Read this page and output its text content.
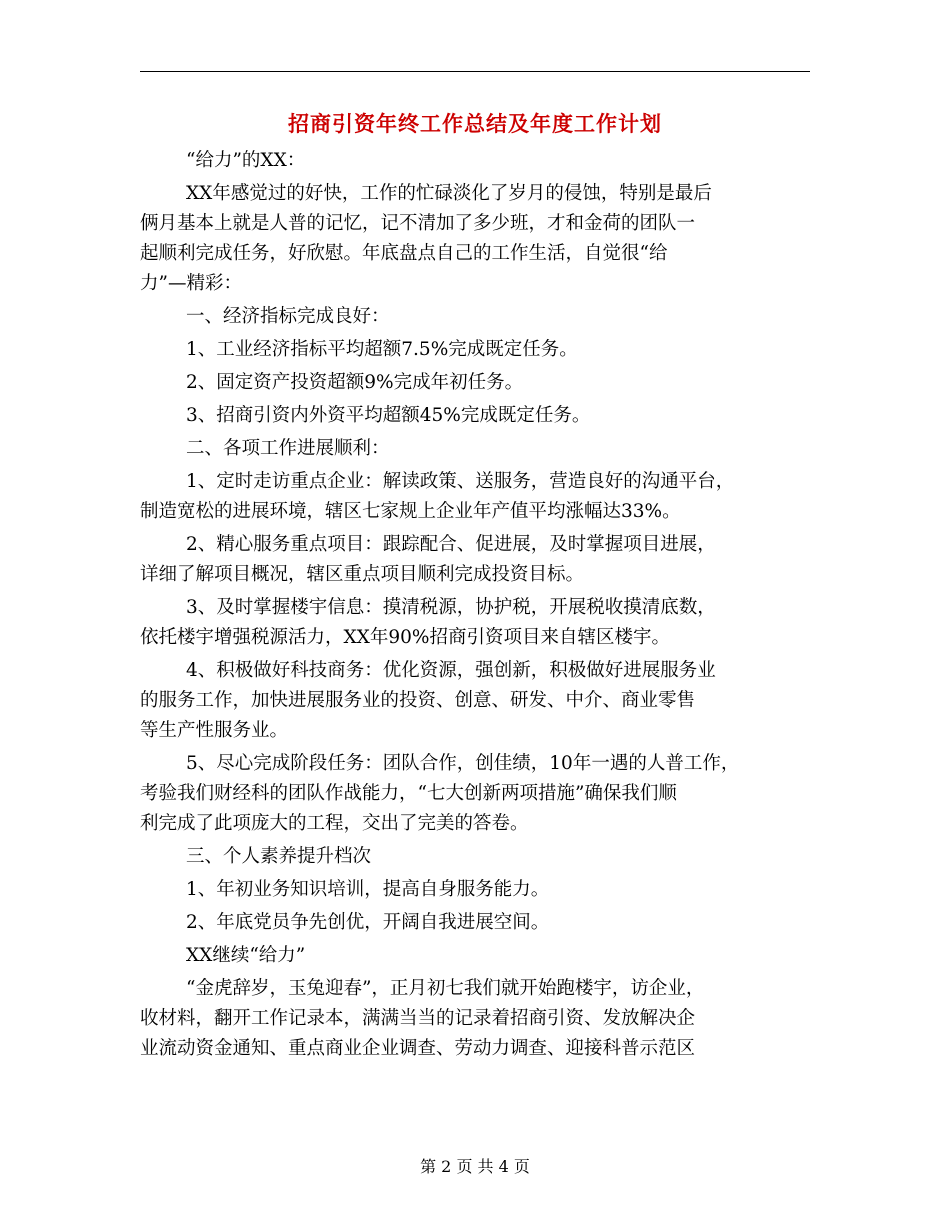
招商引资年终工作总结及年度工作计划

“给力”的XX：

XX年感觉过的好快，工作的忙碌淡化了岁月的侵蚀，特别是最后

俩月基本上就是人普的记忆，记不清加了多少班，才和金荷的团队一

起顺利完成任务，好欣慰。年底盘点自己的工作生活，自觉很“给

力”—精彩：

一、经济指标完成良好：

1、工业经济指标平均超额7.5%完成既定任务。

2、固定资产投资超额9%完成年初任务。

3、招商引资内外资平均超额45%完成既定任务。

二、各项工作进展顺利：

1、定时走访重点企业：解读政策、送服务，营造良好的沟通平台，

制造宽松的进展环境，辖区七家规上企业年产值平均涨幅达33%。

2、精心服务重点项目：跟踪配合、促进展，及时掌握项目进展，

详细了解项目概况，辖区重点项目顺利完成投资目标。

3、及时掌握楼宇信息：摸清税源，协护税，开展税收摸清底数，

依托楼宇增强税源活力，XX年90%招商引资项目来自辖区楼宇。

4、积极做好科技商务：优化资源，强创新，积极做好进展服务业

的服务工作，加快进展服务业的投资、创意、研发、中介、商业零售

等生产性服务业。

5、尽心完成阶段任务：团队合作，创佳绩，10年一遇的人普工作，

考验我们财经科的团队作战能力，“七大创新两项措施”确保我们顺

利完成了此项庞大的工程，交出了完美的答卷。

三、个人素养提升档次

1、年初业务知识培训，提高自身服务能力。

2、年底党员争先创优，开阔自我进展空间。

XX继续“给力”

“金虎辞岁，玉兔迎春”，正月初七我们就开始跑楼宇，访企业，

收材料，翻开工作记录本，满满当当的记录着招商引资、发放解决企

业流动资金通知、重点商业企业调查、劳动力调查、迎接科普示范区

第 2 页 共 4 页
